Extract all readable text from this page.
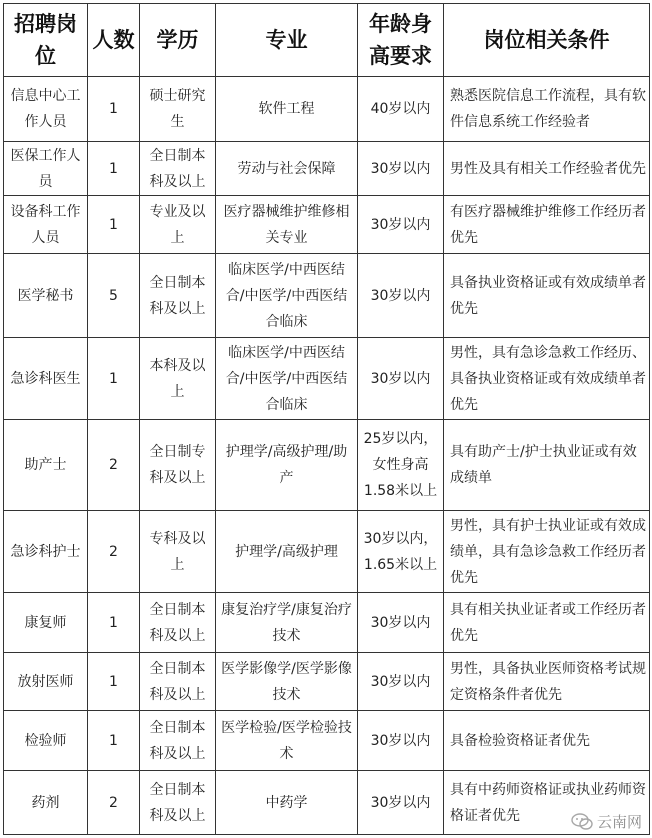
招聘岗位	人数	学历	专业	年龄身高要求	岗位相关条件
信息中心工作人员	1	硕士研究生	软件工程	40岁以内	熟悉医院信息工作流程，具有软件信息系统工作经验者
医保工作人员	1	全日制本科及以上	劳动与社会保障	30岁以内	男性及具有相关工作经验者优先
设备科工作人员	1	专业及以上	医疗器械维护维修相关专业	30岁以内	有医疗器械维护维修工作经历者优先
医学秘书	5	全日制本科及以上	临床医学/中西医结合/中医学/中西医结合临床	30岁以内	具备执业资格证或有效成绩单者优先
急诊科医生	1	本科及以上	临床医学/中西医结合/中医学/中西医结合临床	30岁以内	男性，具有急诊急救工作经历、具备执业资格证或有效成绩单者优先
助产士	2	全日制专科及以上	护理学/高级护理/助产	25岁以内，女性身高1.58米以上	具有助产士/护士执业证或有效成绩单
急诊科护士	2	专科及以上	护理学/高级护理	30岁以内，1.65米以上	男性，具有护士执业证或有效成绩单，具有急诊急救工作经历者优先
康复师	1	全日制本科及以上	康复治疗学/康复治疗技术	30岁以内	具有相关执业证者或工作经历者优先
放射医师	1	全日制本科及以上	医学影像学/医学影像技术	30岁以内	男性，具备执业医师资格考试规定资格条件者优先
检验师	1	全日制本科及以上	医学检验/医学检验技术	30岁以内	具备检验资格证者优先
药剂	2	全日制本科及以上	中药学	30岁以内	具有中药师资格证或执业药师资格证者优先	云南网
